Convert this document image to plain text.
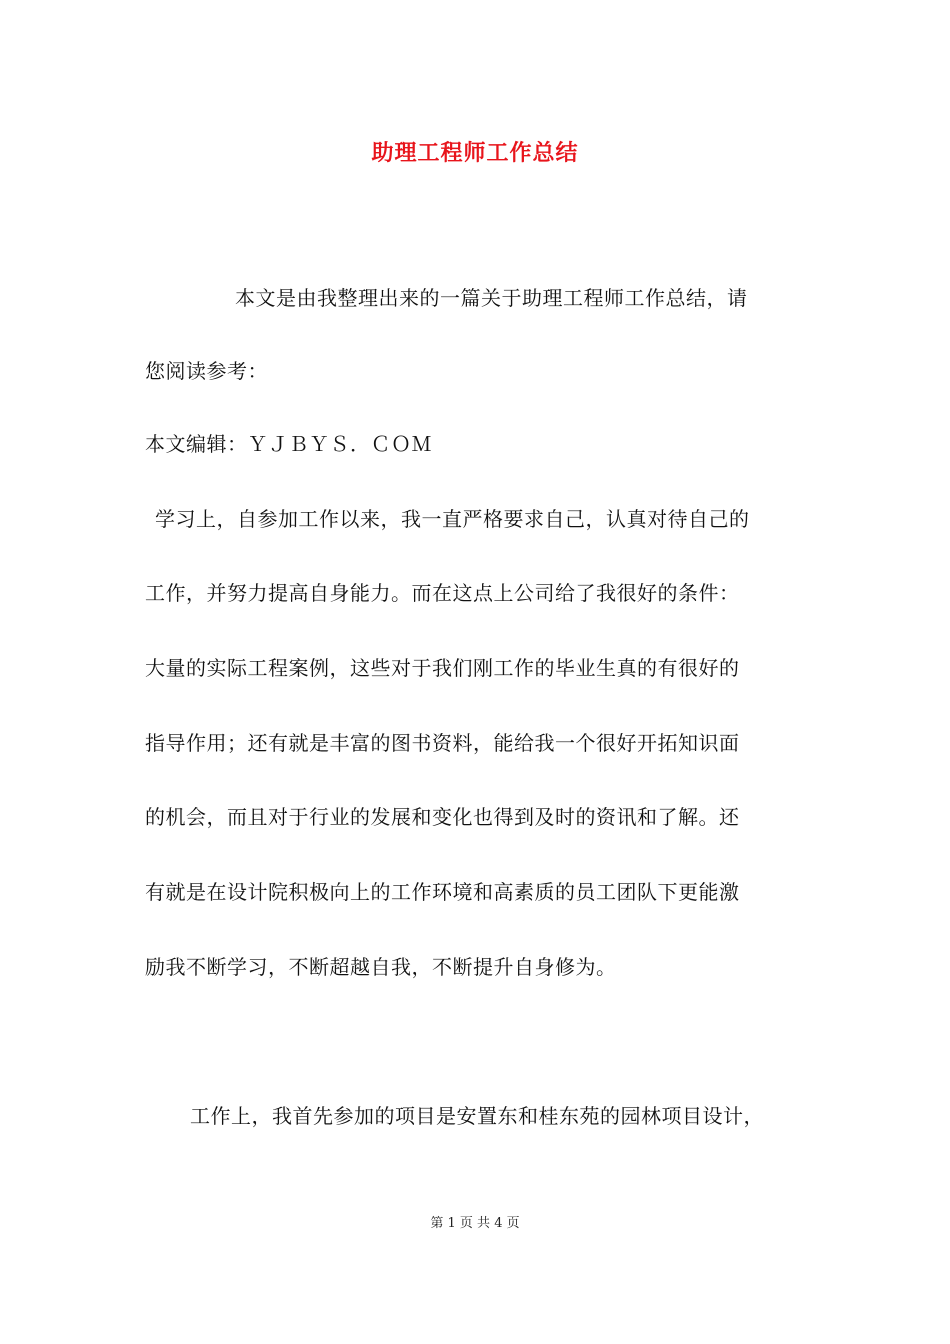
助理工程师工作总结
本文是由我整理出来的一篇关于助理工程师工作总结，请
您阅读参考：
本文编辑：ＹＪＢＹＳ．ＣＯＭ
学习上，自参加工作以来，我一直严格要求自己，认真对待自己的
工作，并努力提高自身能力。而在这点上公司给了我很好的条件：
大量的实际工程案例，这些对于我们刚工作的毕业生真的有很好的
指导作用；还有就是丰富的图书资料，能给我一个很好开拓知识面
的机会，而且对于行业的发展和变化也得到及时的资讯和了解。还
有就是在设计院积极向上的工作环境和高素质的员工团队下更能激
励我不断学习，不断超越自我，不断提升自身修为。
工作上，我首先参加的项目是安置东和桂东苑的园林项目设计，
第 1 页 共 4 页
